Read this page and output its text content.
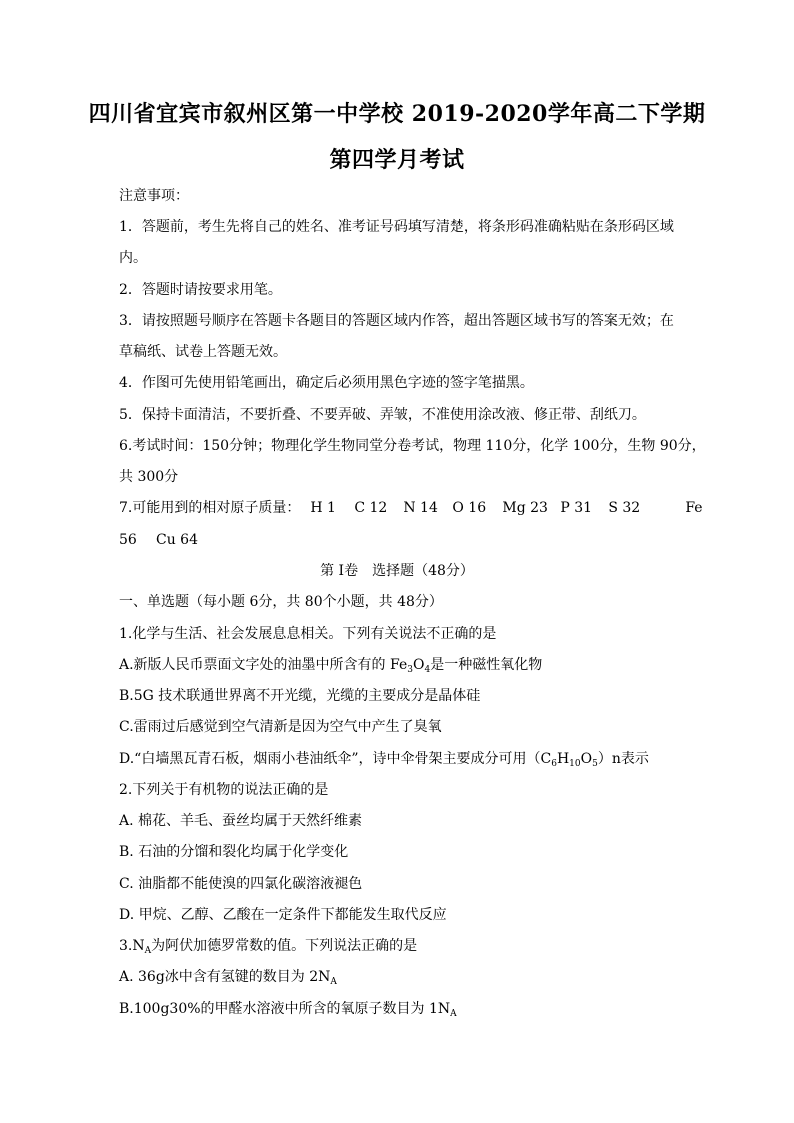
四川省宜宾市叙州区第一中学校 2019-2020学年高二下学期
第四学月考试
注意事项：
1．答题前，考生先将自己的姓名、准考证号码填写清楚，将条形码准确粘贴在条形码区域
内。
2．答题时请按要求用笔。
3．请按照题号顺序在答题卡各题目的答题区域内作答，超出答题区域书写的答案无效；在
草稿纸、试卷上答题无效。
4．作图可先使用铅笔画出，确定后必须用黑色字迹的签字笔描黑。
5．保持卡面清洁，不要折叠、不要弄破、弄皱，不准使用涂改液、修正带、刮纸刀。
6.考试时间：150分钟；物理化学生物同堂分卷考试，物理 110分，化学 100分，生物 90分，
共 300分
7.可能用到的相对原子质量： H 1 C 12 N 14 O 16 Mg 23 P 31 S 32	Fe
56 Cu 64
第 I卷　选择题（48分）
一、单选题（每小题 6分，共 80个小题，共 48分）
1.化学与生活、社会发展息息相关。下列有关说法不正确的是
A.新版人民币票面文字处的油墨中所含有的 $Fe_3O_4$是一种磁性氧化物
B.5G 技术联通世界离不开光缆，光缆的主要成分是晶体硅
C.雷雨过后感觉到空气清新是因为空气中产生了臭氧
D.“白墙黑瓦青石板，烟雨小巷油纸伞”，诗中伞骨架主要成分可用$(C_6H_{10}O_5)n$表示
2.下列关于有机物的说法正确的是
A. 棉花、羊毛、蚕丝均属于天然纤维素
B. 石油的分馏和裂化均属于化学变化
C. 油脂都不能使溴的四氯化碳溶液褪色
D. 甲烷、乙醇、乙酸在一定条件下都能发生取代反应
$3.N_A$为阿伏加德罗常数的值。下列说法正确的是
A. 36g冰中含有氢键的数目为 $2N_A$
B.100g30%的甲醛水溶液中所含的氧原子数目为 $1N_A$
